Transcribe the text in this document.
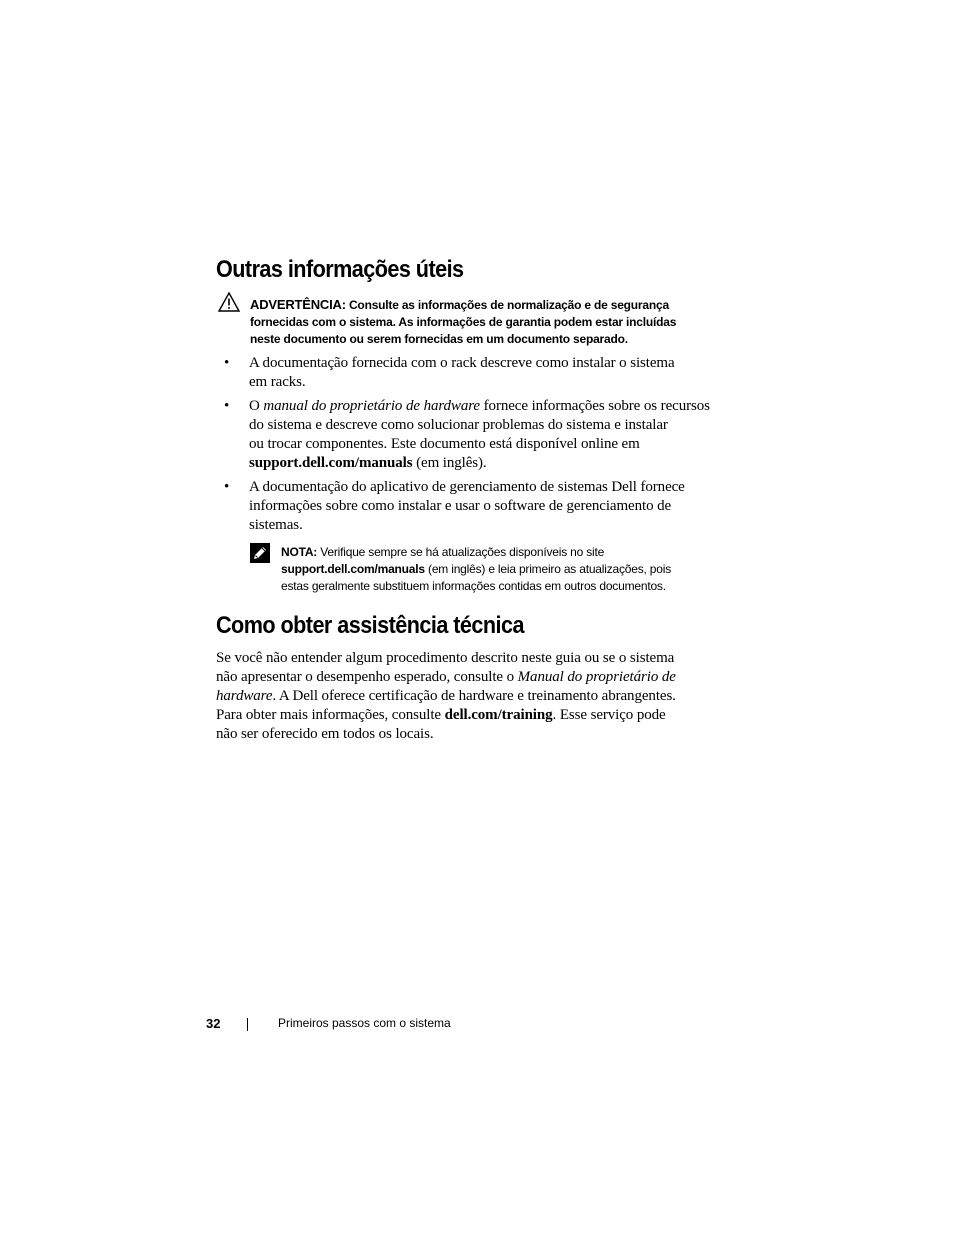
Outras informações úteis
ADVERTÊNCIA: Consulte as informações de normalização e de segurança
fornecidas com o sistema. As informações de garantia podem estar incluídas
neste documento ou serem fornecidas em um documento separado.
• A documentação fornecida com o rack descreve como instalar o sistema
em racks.
• O manual do proprietário de hardware fornece informações sobre os recursos
do sistema e descreve como solucionar problemas do sistema e instalar
ou trocar componentes. Este documento está disponível online em
support.dell.com/manuals (em inglês).
• A documentação do aplicativo de gerenciamento de sistemas Dell fornece
informações sobre como instalar e usar o software de gerenciamento de
sistemas.
NOTA: Verifique sempre se há atualizações disponíveis no site
support.dell.com/manuals (em inglês) e leia primeiro as atualizações, pois
estas geralmente substituem informações contidas em outros documentos.
Como obter assistência técnica

Se você não entender algum procedimento descrito neste guia ou se o sistema
não apresentar o desempenho esperado, consulte o Manual do proprietário de
hardware. A Dell oferece certificação de hardware e treinamento abrangentes.
Para obter mais informações, consulte dell.com/training. Esse serviço pode
não ser oferecido em todos os locais.

32	Primeiros passos com o sistema
